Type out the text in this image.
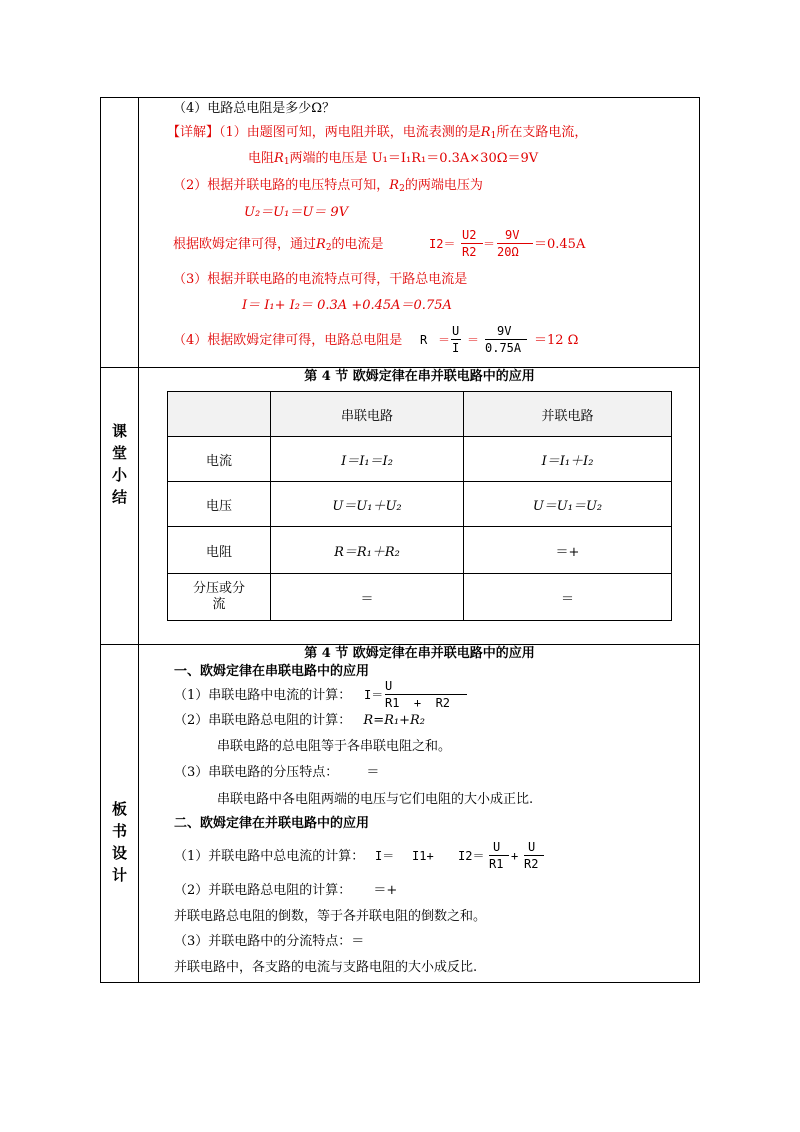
（4）电路总电阻是多少Ω？
【详解】（1）由题图可知，两电阻并联，电流表测的是$R_1$所在支路电流，
电阻$R_1$两端的电压是 U₁＝I₁R₁＝0.3A×30Ω＝9V
（2）根据并联电路的电压特点可知，$R_2$的两端电压为
U₂＝U₁＝U＝ 9V
根据欧姆定律可得，通过$R_2$的电流是	I2＝
U2
R2
＝
9V
20Ω ＝0.45A
（3）根据并联电路的电流特点可得，干路总电流是
I＝ I₁+ I₂＝ 0.3A +0.45A＝0.75A
（4）根据欧姆定律可得，电路总电阻是 R ＝
U
I
＝
9V
0.75A ＝12 Ω
课
堂
小
结
第 4 节 欧姆定律在串并联电路中的应用
	串联电路	并联电路
电流	I＝I₁＝I₂	I＝I₁＋I₂
电压	U＝U₁＋U₂	U＝U₁＝U₂
电阻	R＝R₁＋R₂	＝+
分压或分流	＝	＝
板
书
设
计
第 4 节 欧姆定律在串并联电路中的应用
一、欧姆定律在串联电路中的应用
（1）串联电路中电流的计算： I＝
U
R1  +  R2
（2）串联电路总电阻的计算： R=R₁+R₂
串联电路的总电阻等于各串联电阻之和。
（3）串联电路的分压特点： ＝
串联电路中各电阻两端的电压与它们电阻的大小成正比.
二、欧姆定律在并联电路中的应用
（1）并联电路中总电流的计算： I＝ I1+ I2＝
U
R1
+
U
R2
（2）并联电路总电阻的计算： ＝+
并联电路总电阻的倒数，等于各并联电阻的倒数之和。
（3）并联电路中的分流特点：＝
并联电路中，各支路的电流与支路电阻的大小成反比.
